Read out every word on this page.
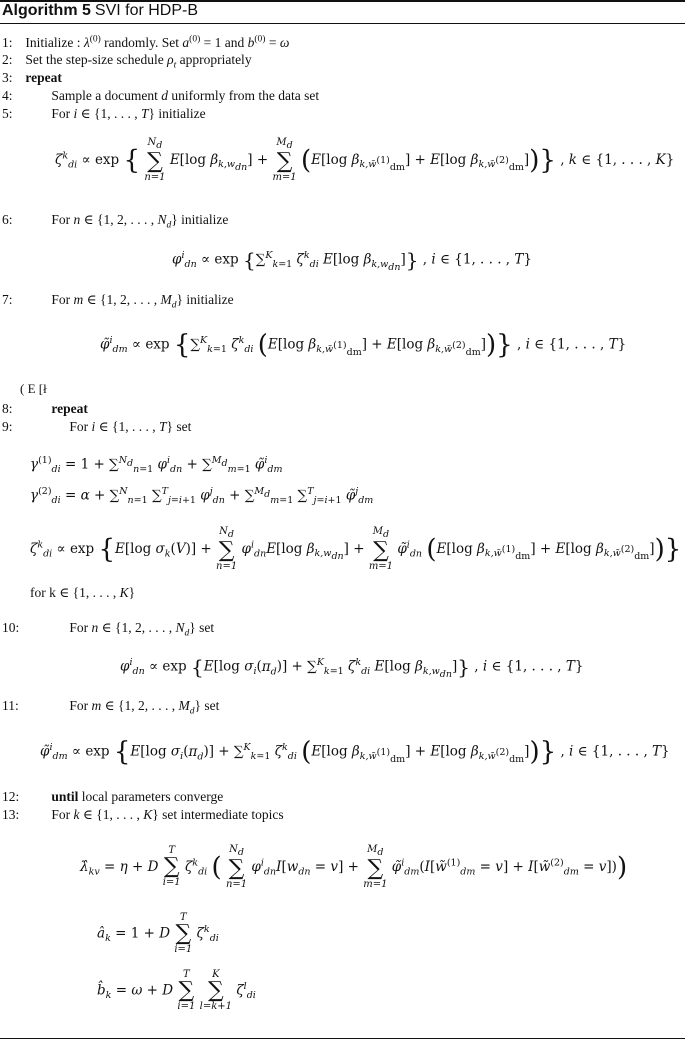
Algorithm 5 SVI for HDP-B
1: Initialize : $\lambda^{(0)}$ randomly. Set $a^{(0)} = 1$ and $b^{(0)} = \omega$
2: Set the step-size schedule $\rho_t$ appropriately
3: repeat
4:	Sample a document d uniformly from the data set
5:	For i ∈ {1, . . . , T} initialize
$\zeta^k_{di} \propto \exp$ {
$N_d$
∑
n=1
E[log $\beta_{k,w_{dn}}$] +
$M_d$
∑
m=1
(E[log $\beta_{k,w̃^{(1)}_{dm}}] + E[\log$ $\beta_{k,w̃^{(2)}_{dm}}$])} , k ∈ {1, . . . , K}
6:	For n ∈ {1, 2, . . . , $N_d$} initialize
$\varphi^i_{dn} \propto \exp \{\sum^K_{k=1}$ $\zeta^k_{di}$ E[log $\beta_{k,w_{dn}}$]} , i ∈ {1, . . . , T}
7:	For m ∈ {1, 2, . . . , $M_d$} initialize
φ̃$^i_{dm}$ ∝ exp {∑$^K_{k=1}$ $\zeta^k_{di}$ (E[log $\beta_{k,w̃^{(1)}_{dm}}] + E[\log$ $\beta_{k,w̃^{(2)}_{dm}}$])} , i ∈ {1, . . . , T}
( E [ł
8:	repeat
9:	For i ∈ {1, . . . , T} set
$\gamma^{(1)}_{di} = 1 + \sum^{N_d}_{n=1}$ $\varphi^i_{dn} + \sum^{M_d}_{m=1}$ φ̃$^i_{dm}$
$\gamma^{(2)}_{di} = \alpha + \sum^N_{n=1}$ ∑$^T_{j=i+1}$ $\varphi^j_{dn} + \sum^{M_d}_{m=1}$ ∑$^T_{j=i+1}$ φ̃$^j_{dm}$
$\zeta^k_{di} \propto \exp \{E[\log$ $\sigma_k(V)$] +
$N_d$
∑
n=1
$\varphi^i_{dn}E[\log$ $\beta_{k,w_{dn}}$] +
$M_d$
∑
m=1
φ̃$^i_{dn}$ (E[log $\beta_{k,w̃^{(1)}_{dm}}] + E[\log$ $\beta_{k,w̃^{(2)}_{dm}}$])}
for k ∈ {1, . . . , K}
10:	For n ∈ {1, 2, . . . , $N_d$} set
$\varphi^i_{dn} \propto \exp \{E[\log$ $\sigma_i(\pi_d)] + \sum^K_{k=1}$ $\zeta^k_{di}$ E[log $\beta_{k,w_{dn}}$]} , i ∈ {1, . . . , T}
11:	For m ∈ {1, 2, . . . , $M_d$} set
φ̃$^i_{dm}$ ∝ exp {E[log $\sigma_i(\pi_d)] + \sum^K_{k=1}$ $\zeta^k_{di}$ (E[log $\beta_{k,w̃^{(1)}_{dm}}] + E[\log$ $\beta_{k,w̃^{(2)}_{dm}}$])} , i ∈ {1, . . . , T}
12: until local parameters converge
13: For k ∈ {1, . . . , K} set intermediate topics
$\lambdâ_{kv} = \eta + D$
T
∑
i=1
$\zeta^k_{di}$ (
$N_d$
∑
n=1
$\varphi^i_{dn}I[w_{dn} = v]$ +
$M_d$
∑
m=1
φ̃$^i_{dm}$(I[w̃$^{(1)}_{dm}$ = v] + I[w̃$^{(2)}_{dm}$ = v]))
$â_k = 1 + D$
T
∑
i=1
$\zeta^k_{di}$
$b̂_k = \omega + D$
T
∑
i=1

K
∑
l=k+1
$\zeta^l_{di}$
